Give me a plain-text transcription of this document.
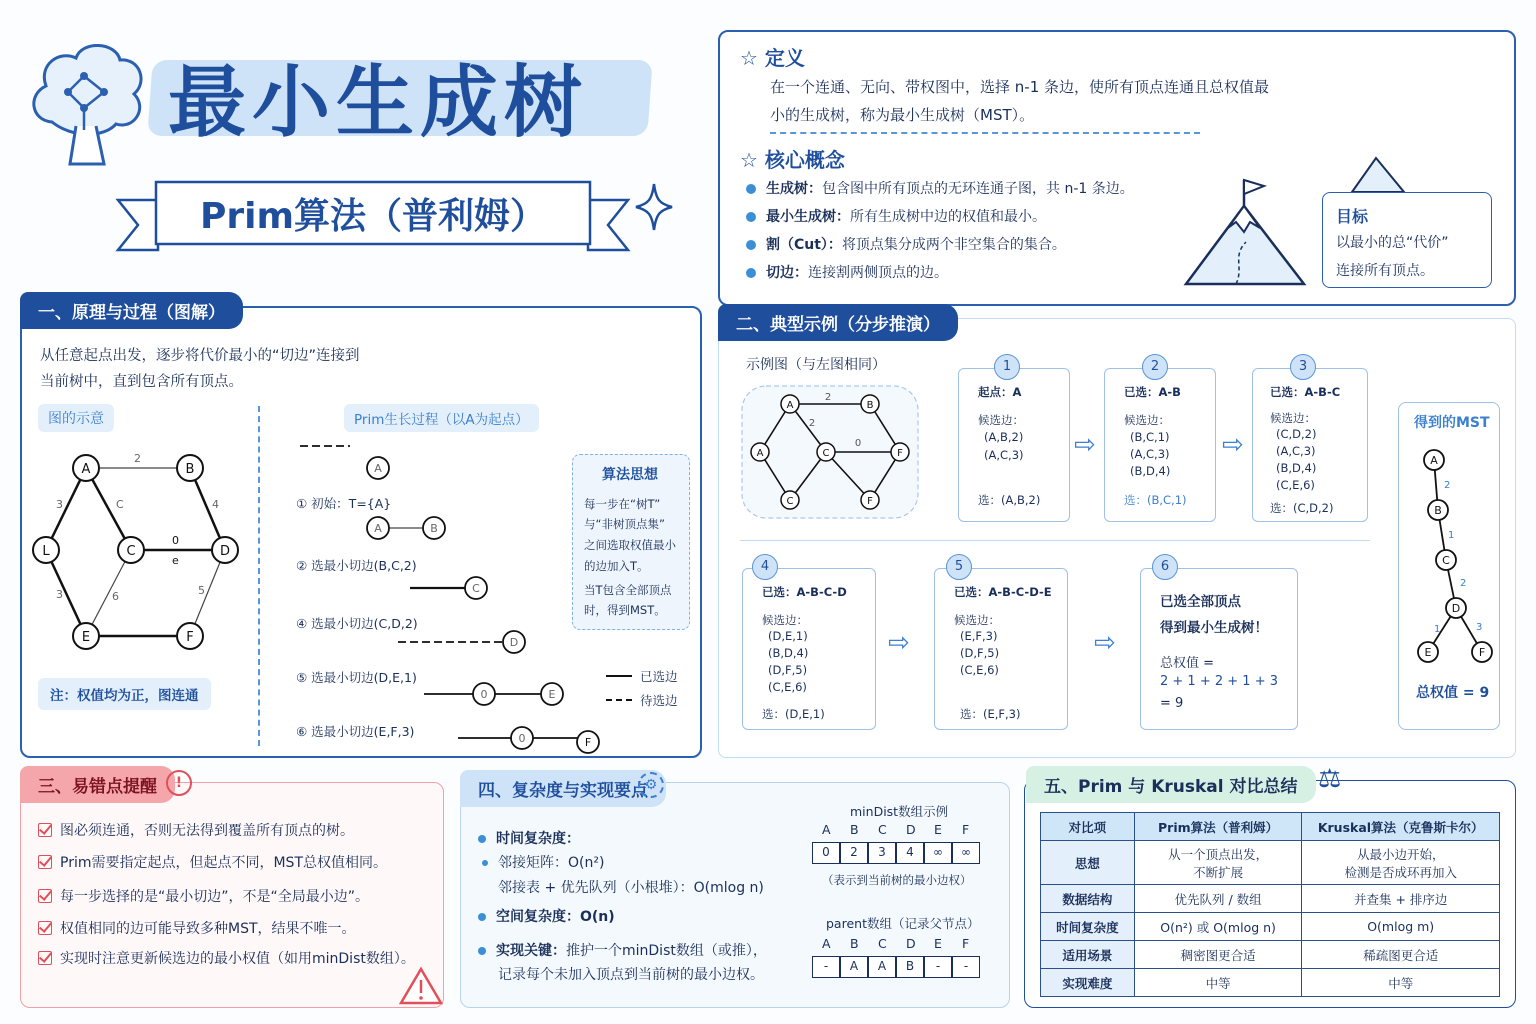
最小生成树
Prim算法（普利姆）
☆ 定义
在一个连通、无向、带权图中，选择 n-1 条边，使所有顶点连通且总权值最
小的生成树，称为最小生成树（MST）。
☆ 核心概念
生成树：包含图中所有顶点的无环连通子图，共 n-1 条边。
最小生成树：所有生成树中边的权值和最小。
割（Cut）：将顶点集分成两个非空集合的集合。
切边：连接割两侧顶点的边。
目标
以最小的总“代价”
连接所有顶点。
一、原理与过程（图解）
从任意起点出发，逐步将代价最小的“切边”连接到
当前树中，直到包含所有顶点。
图的示意
2
3	C	4
3	6
0
e
5
A	B
L	C	D
E	F
注：权值均为正，图连通
Prim生长过程（以A为起点）
A
A	B
C
D
0	E
0
① 初始：T={A}
② 选最小切边(B,C,2)
④ 选最小切边(C,D,2)
⑤ 选最小切边(D,E,1)
⑥ 选最小切边(E,F,3)
F
算法思想
每一步在“树T”
与“非树顶点集”
之间选取权值最小
的边加入T。
当T包含全部顶点
时，得到MST。
已选边
待选边
二、典型示例（分步推演）
示例图（与左图相同）
A	B
A	C	F
C	F
2
2
0
1
起点：A
候选边：
(A,B,2)
(A,C,3)
选：(A,B,2)
⇨
2
已选：A-B
候选边：
(B,C,1)
(A,C,3)
(B,D,4)
选：(B,C,1)
⇨
3
已选：A-B-C
候选边：
(C,D,2)
(A,C,3)
(B,D,4)
(C,E,6)
选：(C,D,2)
4
已选：A-B-C-D
候选边：
(D,E,1)
(B,D,4)
(D,F,5)
(C,E,6)
选：(D,E,1)
⇨
5
已选：A-B-C-D-E
候选边：
(E,F,3)
(D,F,5)
(C,E,6)
选：(E,F,3)
⇨
6
已选全部顶点
得到最小生成树！
总权值 =
2 + 1 + 2 + 1 + 3
= 9
得到的MST
A
B
C
D
E	F
2
1
2
1	3
总权值 = 9
三、易错点提醒	!
图必须连通，否则无法得到覆盖所有顶点的树。
Prim需要指定起点，但起点不同，MST总权值相同。
每一步选择的是“最小切边”，不是“全局最小边”。
权值相同的边可能导致多种MST，结果不唯一。
实现时注意更新候选边的最小权值（如用minDist数组）。
四、复杂度与实现要点
⚙
时间复杂度：
邻接矩阵：O(n²)
邻接表 + 优先队列（小根堆）：O(mlog n)
空间复杂度：O(n)
实现关键：推护一个minDist数组（或推），
记录每个未加入顶点到当前树的最小边权。
minDist数组示例
A B C D E F
0	2	3	4	∞	∞
（表示到当前树的最小边权）
parent数组（记录父节点）
A B C D E F
-	A	A	B	-	-
五、Prim 与 Kruskal 对比总结 ⚖
对比项	Prim算法（普利姆）	Kruskal算法（克鲁斯卡尔）
思想	从一个顶点出发，
不断扩展	从最小边开始，
检测是否成环再加入
数据结构	优先队列 / 数组	并查集 + 排序边
时间复杂度	O(n²) 或 O(mlog n)	O(mlog m)
适用场景	稠密图更合适	稀疏图更合适
实现难度	中等	中等
